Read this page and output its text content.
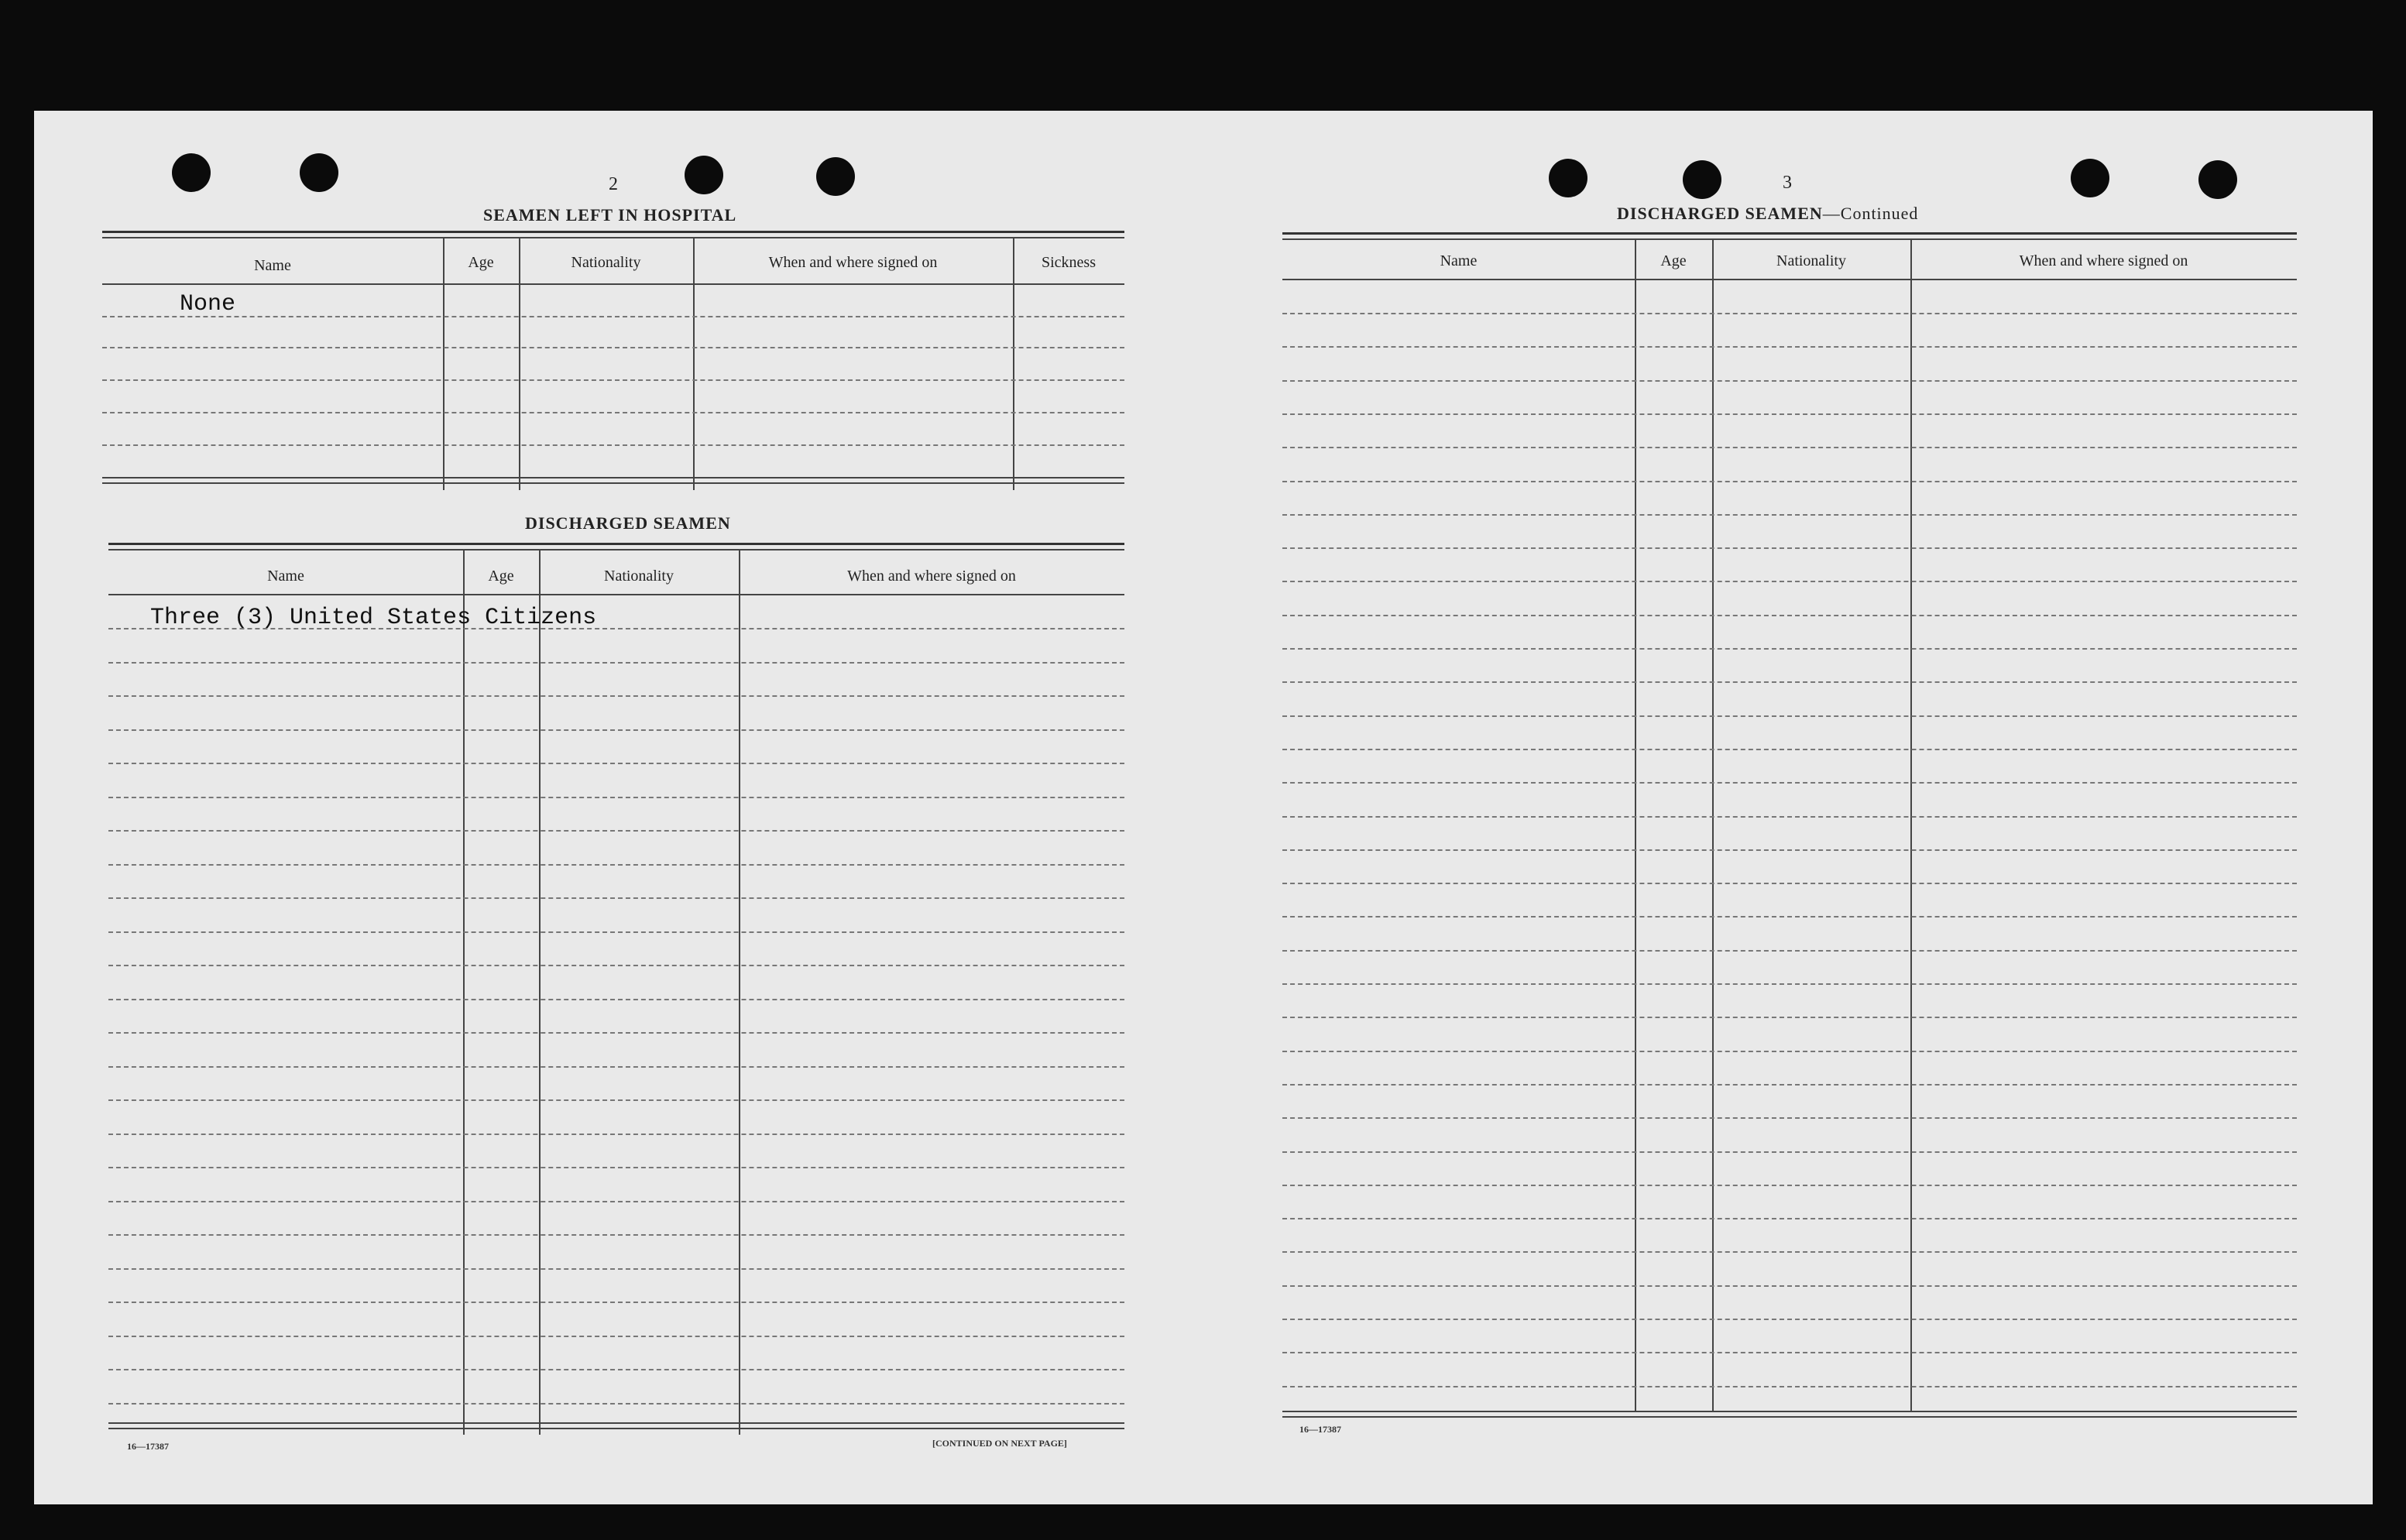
2
SEAMEN LEFT IN HOSPITAL
Name	Age	Nationality	When and where signed on	Sickness
None
DISCHARGED SEAMEN
Name	Age	Nationality	When and where signed on
Three (3) United States Citizens
16—17387	[CONTINUED ON NEXT PAGE]
3
DISCHARGED SEAMEN—Continued
Name	Age	Nationality	When and where signed on
16—17387
